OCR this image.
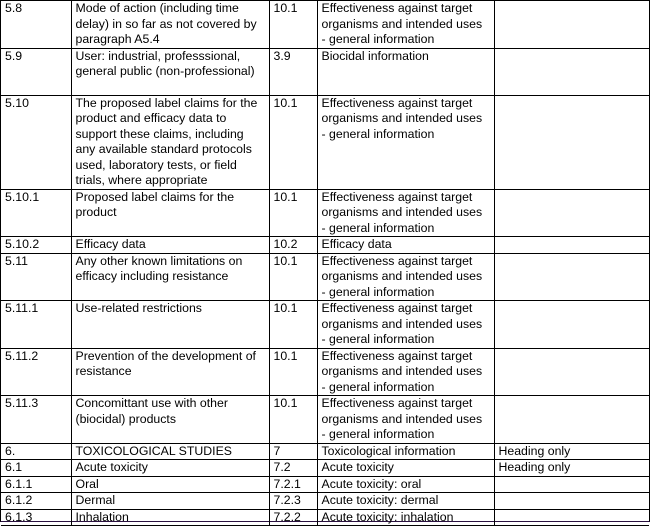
5.8	Mode of action (including time delay) in so far as not covered by paragraph A5.4	10.1	Effectiveness against target organisms and intended uses - general information	
5.9	User: industrial, professsional, general public (non-professional)	3.9	Biocidal information	
5.10	The proposed label claims for the product and efficacy data to support these claims, including any available standard protocols used, laboratory tests, or field trials, where appropriate	10.1	Effectiveness against target organisms and intended uses - general information	
5.10.1	Proposed label claims for the product	10.1	Effectiveness against target organisms and intended uses - general information	
5.10.2	Efficacy data	10.2	Efficacy data	
5.11	Any other known limitations on efficacy including resistance	10.1	Effectiveness against target organisms and intended uses - general information	
5.11.1	Use-related restrictions	10.1	Effectiveness against target organisms and intended uses - general information	
5.11.2	Prevention of the development of resistance	10.1	Effectiveness against target organisms and intended uses - general information	
5.11.3	Concomittant use with other (biocidal) products	10.1	Effectiveness against target organisms and intended uses - general information	
6.	TOXICOLOGICAL STUDIES	7	Toxicological information	Heading only
6.1	Acute toxicity	7.2	Acute toxicity	Heading only
6.1.1	Oral	7.2.1	Acute toxicity: oral	
6.1.2	Dermal	7.2.3	Acute toxicity: dermal	
6.1.3	Inhalation	7.2.2	Acute toxicity: inhalation	
